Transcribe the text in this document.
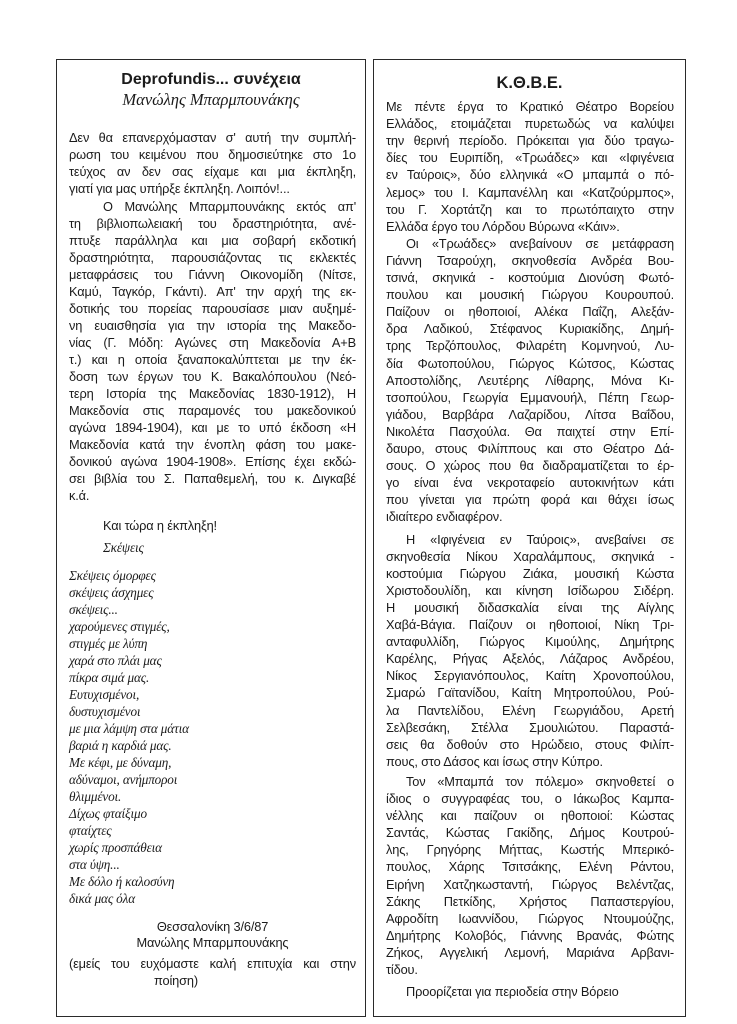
Deprofundis... συνέχεια
Μανώλης Μπαρμπουνάκης
Δεν θα επανερχόμασταν σ' αυτή την συμπλή-
ρωση του κειμένου που δημοσιεύτηκε στο 1ο
τεύχος αν δεν σας είχαμε και μια έκπληξη,
γιατί για μας υπήρξε έκπληξη. Λοιπόν!...
Ο Μανώλης Μπαρμπουνάκης εκτός απ'
τη βιβλιοπωλειακή του δραστηριότητα, ανέ-
πτυξε παράλληλα και μια σοβαρή εκδοτική
δραστηριότητα, παρουσιάζοντας τις εκλεκτές
μεταφράσεις του Γιάννη Οικονομίδη (Νίτσε,
Καμύ, Ταγκόρ, Γκάντι). Απ' την αρχή της εκ-
δοτικής του πορείας παρουσίασε μιαν αυξημέ-
νη ευαισθησία για την ιστορία της Μακεδο-
νίας (Γ. Μόδη: Αγώνες στη Μακεδονία Α+Β
τ.) και η οποία ξαναποκαλύπτεται με την έκ-
δοση των έργων του Κ. Βακαλόπουλου (Νεό-
τερη Ιστορία της Μακεδονίας 1830-1912), Η
Μακεδονία στις παραμονές του μακεδονικού
αγώνα 1894-1904), και με το υπό έκδοση «Η
Μακεδονία κατά την ένοπλη φάση του μακε-
δονικού αγώνα 1904-1908». Επίσης έχει εκδώ-
σει βιβλία του Σ. Παπαθεμελή, του κ. Διγκαβέ
κ.ά.
Και τώρα η έκπληξη!
Σκέψεις
Σκέψεις όμορφες
σκέψεις άσχημες
σκέψεις...
χαρούμενες στιγμές,
στιγμές με λύπη
χαρά στο πλάι μας
πίκρα σιμά μας.
Ευτυχισμένοι,
δυστυχισμένοι
με μια λάμψη στα μάτια
βαριά η καρδιά μας.
Με κέφι, με δύναμη,
αδύναμοι, ανήμποροι
θλιμμένοι.
Δίχως φταίξιμο
φταίχτες
χωρίς προσπάθεια
στα ύψη...
Με δόλο ή καλοσύνη
δικά μας όλα
Θεσσαλονίκη 3/6/87
Μανώλης Μπαρμπουνάκης
(εμείς του ευχόμαστε καλή επιτυχία και στην
ποίηση)
Κ.Θ.Β.Ε.
Με πέντε έργα το Κρατικό Θέατρο Βορείου
Ελλάδος, ετοιμάζεται πυρετωδώς να καλύψει
την θερινή περίοδο. Πρόκειται για δύο τραγω-
δίες του Ευριπίδη, «Τρωάδες» και «Ιφιγένεια
εν Ταύροις», δύο ελληνικά «Ο μπαμπά ο πό-
λεμος» του Ι. Καμπανέλλη και «Κατζούρμπος»,
του Γ. Χορτάτζη και το πρωτόπαιχτο στην
Ελλάδα έργο του Λόρδου Βύρωνα «Κάιν».
Οι «Τρωάδες» ανεβαίνουν σε μετάφραση
Γιάννη Τσαρούχη, σκηνοθεσία Ανδρέα Βου-
τσινά, σκηνικά - κοστούμια Διονύση Φωτό-
πουλου και μουσική Γιώργου Κουρουπού.
Παίζουν οι ηθοποιοί, Αλέκα Παΐζη, Αλεξάν-
δρα Λαδικού, Στέφανος Κυριακίδης, Δημή-
τρης Τερζόπουλος, Φιλαρέτη Κομνηνού, Λυ-
δία Φωτοπούλου, Γιώργος Κώτσος, Κώστας
Αποστολίδης, Λευτέρης Λίθαρης, Μόνα Κι-
τσοπούλου, Γεωργία Εμμανουήλ, Πέπη Γεωρ-
γιάδου, Βαρβάρα Λαζαρίδου, Λίτσα Βαΐδου,
Νικολέτα Πασχούλα. Θα παιχτεί στην Επί-
δαυρο, στους Φιλίππους και στο Θέατρο Δά-
σους. Ο χώρος που θα διαδραματίζεται το έρ-
γο είναι ένα νεκροταφείο αυτοκινήτων κάτι
που γίνεται για πρώτη φορά και θάχει ίσως
ιδιαίτερο ενδιαφέρον.
Η «Ιφιγένεια εν Ταύροις», ανεβαίνει σε
σκηνοθεσία Νίκου Χαραλάμπους, σκηνικά -
κοστούμια Γιώργου Ζιάκα, μουσική Κώστα
Χριστοδουλίδη, και κίνηση Ισίδωρου Σιδέρη.
Η μουσική διδασκαλία είναι της Αίγλης
Χαβά-Βάγια. Παίζουν οι ηθοποιοί, Νίκη Τρι-
ανταφυλλίδη, Γιώργος Κιμούλης, Δημήτρης
Καρέλης, Ρήγας Αξελός, Λάζαρος Ανδρέου,
Νίκος Σεργιανόπουλος, Καίτη Χρονοπούλου,
Σμαρώ Γαϊτανίδου, Καίτη Μητροπούλου, Ρού-
λα Παντελίδου, Ελένη Γεωργιάδου, Αρετή
Σελβεσάκη, Στέλλα Σμουλιώτου. Παραστά-
σεις θα δοθούν στο Ηρώδειο, στους Φιλίπ-
πους, στο Δάσος και ίσως στην Κύπρο.
Τον «Μπαμπά τον πόλεμο» σκηνοθετεί ο
ίδιος ο συγγραφέας του, ο Ιάκωβος Καμπα-
νέλλης και παίζουν οι ηθοποιοί: Κώστας
Σαντάς, Κώστας Γακίδης, Δήμος Κουτρού-
λης, Γρηγόρης Μήττας, Κωστής Μπερικό-
πουλος, Χάρης Τσιτσάκης, Ελένη Ράντου,
Ειρήνη Χατζηκωσταντή, Γιώργος Βελέντζας,
Σάκης Πετκίδης, Χρήστος Παπαστεργίου,
Αφροδίτη Ιωαννίδου, Γιώργος Ντουμούζης,
Δημήτρης Κολοβός, Γιάννης Βρανάς, Φώτης
Ζήκος, Αγγελική Λεμονή, Μαριάνα Αρβανι-
τίδου.
Προορίζεται για περιοδεία στην Βόρειο
